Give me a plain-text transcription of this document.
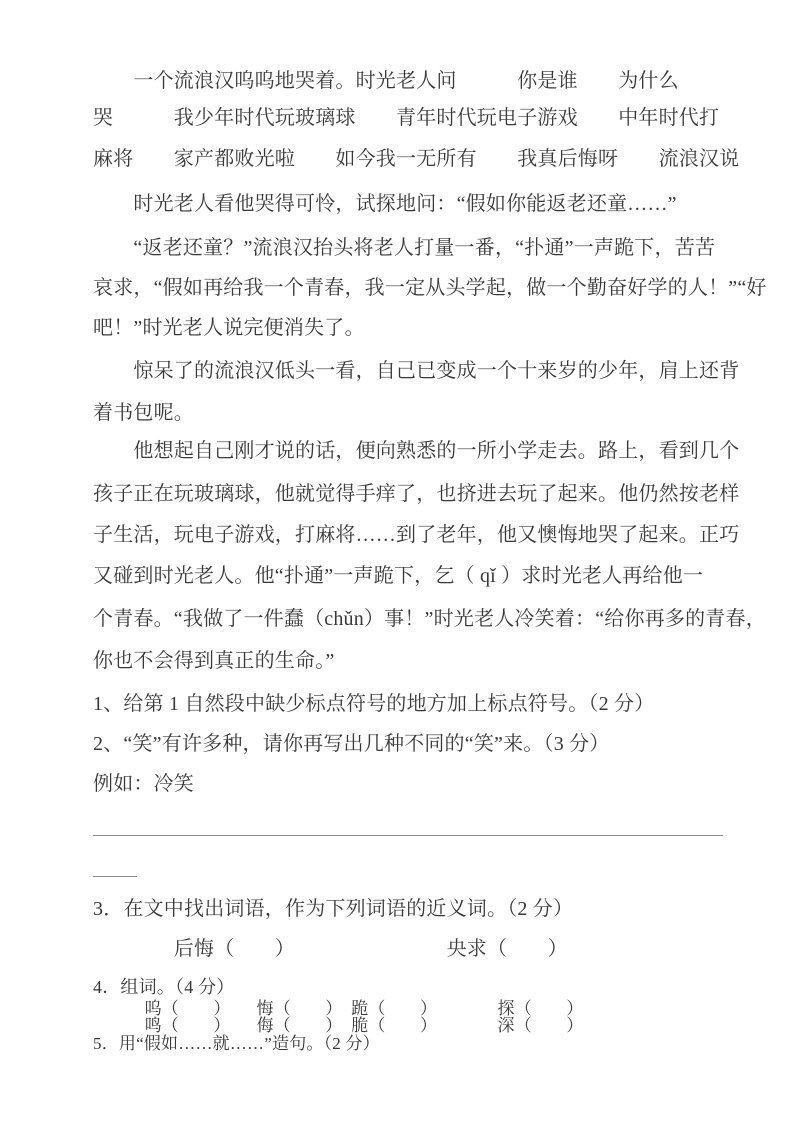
　　一个流浪汉呜呜地哭着。时光老人问　　　你是谁　　为什么
哭　　　我少年时代玩玻璃球　　青年时代玩电子游戏　　中年时代打
麻将　　家产都败光啦　　如今我一无所有　　我真后悔呀　　流浪汉说
　　时光老人看他哭得可怜，试探地问：“假如你能返老还童……”
　　“返老还童？”流浪汉抬头将老人打量一番，“扑通”一声跪下，苦苦
哀求，“假如再给我一个青春，我一定从头学起，做一个勤奋好学的人！”“好
吧！”时光老人说完便消失了。
　　惊呆了的流浪汉低头一看，自己已变成一个十来岁的少年，肩上还背
着书包呢。
　　他想起自己刚才说的话，便向熟悉的一所小学走去。路上，看到几个
孩子正在玩玻璃球，他就觉得手痒了，也挤进去玩了起来。他仍然按老样
子生活，玩电子游戏，打麻将……到了老年，他又懊悔地哭了起来。正巧
又碰到时光老人。他“扑通”一声跪下，乞（ qǐ ）求时光老人再给他一
个青春。“我做了一件蠢（chǔn）事！”时光老人冷笑着：“给你再多的青春，
你也不会得到真正的生命。”
1、给第 1 自然段中缺少标点符号的地方加上标点符号。（2 分）
2、“笑”有许多种，请你再写出几种不同的“笑”来。（3 分）
例如：冷笑
3．在文中找出词语，作为下列词语的近义词。（2 分）
　　　　后悔（　　）　　　　　　　　央求（　　）
4．组词。（4 分）
　　　呜（　　）　　悔（　　）　跪（　　）　　　　探（　　）
　　　鸣（　　）　　侮（　　）　脆（　　）　　　　深（　　）
5．用“假如……就……”造句。（2 分）
